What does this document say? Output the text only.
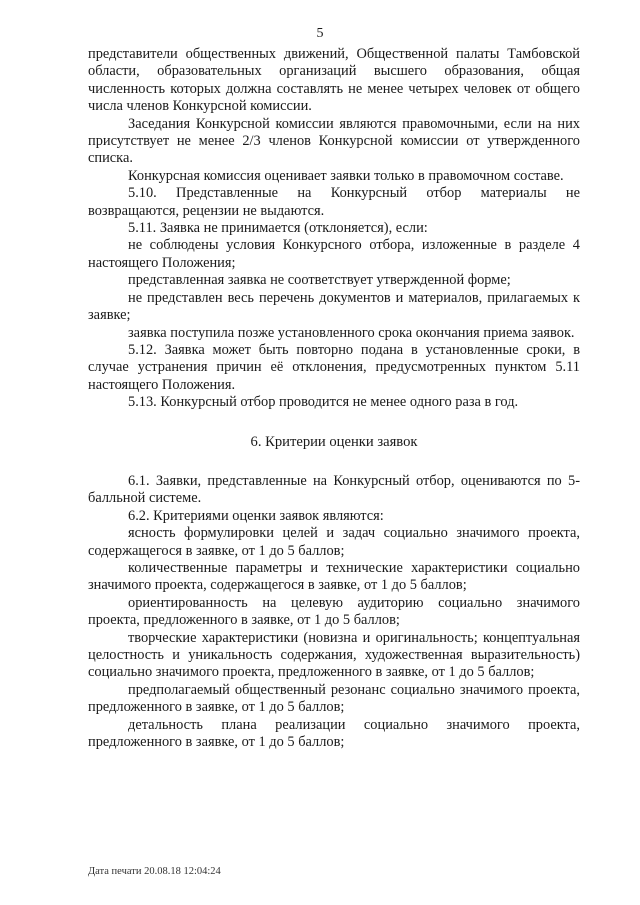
5

представители общественных движений, Общественной палаты Тамбовской области, образовательных организаций высшего образования, общая численность которых должна составлять не менее четырех человек от общего числа членов Конкурсной комиссии.

Заседания Конкурсной комиссии являются правомочными, если на них присутствует не менее 2/3 членов Конкурсной комиссии от утвержденного списка.

Конкурсная комиссия оценивает заявки только в правомочном составе.

5.10. Представленные на Конкурсный отбор материалы не возвращаются, рецензии не выдаются.

5.11. Заявка не принимается (отклоняется), если:

не соблюдены условия Конкурсного отбора, изложенные в разделе 4 настоящего Положения;

представленная заявка не соответствует утвержденной форме;

не представлен весь перечень документов и материалов, прилагаемых к заявке;

заявка поступила позже установленного срока окончания приема заявок.

5.12. Заявка может быть повторно подана в установленные сроки, в случае устранения причин её отклонения, предусмотренных пунктом 5.11 настоящего Положения.

5.13. Конкурсный отбор проводится не менее одного раза в год.

6. Критерии оценки заявок

6.1. Заявки, представленные на Конкурсный отбор, оцениваются по 5-балльной системе.

6.2. Критериями оценки заявок являются:

ясность формулировки целей и задач социально значимого проекта, содержащегося в заявке, от 1 до 5 баллов;

количественные параметры и технические характеристики социально значимого проекта, содержащегося в заявке, от 1 до 5 баллов;

ориентированность на целевую аудиторию социально значимого проекта, предложенного в заявке, от 1 до 5 баллов;

творческие характеристики (новизна и оригинальность; концептуальная целостность и уникальность содержания, художественная выразительность) социально значимого проекта, предложенного в заявке, от 1 до 5 баллов;

предполагаемый общественный резонанс социально значимого проекта, предложенного в заявке, от 1 до 5 баллов;

детальность плана реализации социально значимого проекта, предложенного в заявке, от 1 до 5 баллов;

Дата печати 20.08.18 12:04:24
